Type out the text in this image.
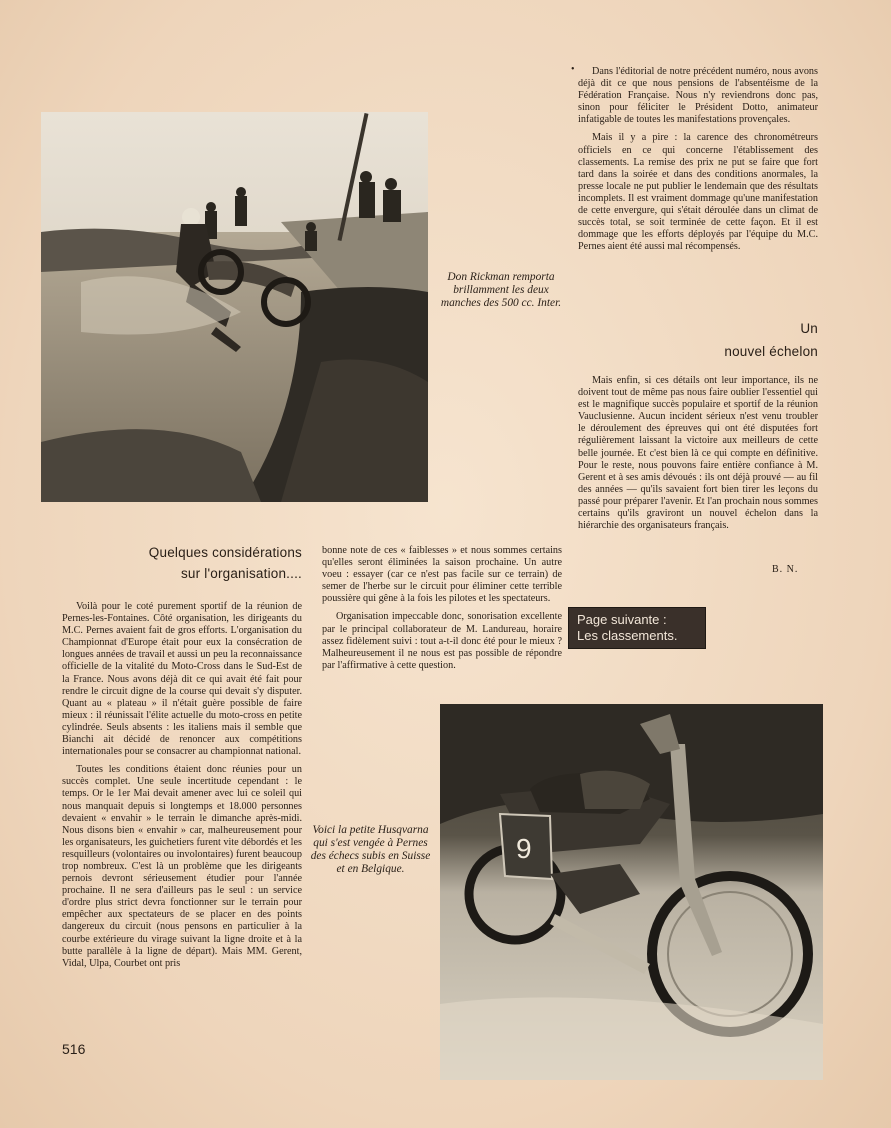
Don Rickman remporta brillamment les deux manches des 500 cc. Inter.
•	Dans l'éditorial de notre précédent numéro, nous avons déjà dit ce que nous pensions de l'absentéisme de la Fédération Française. Nous n'y reviendrons donc pas, sinon pour féliciter le Président Dotto, animateur infatigable de toutes les manifestations provençales.

Mais il y a pire : la carence des chronométreurs officiels en ce qui concerne l'établissement des classements. La remise des prix ne put se faire que fort tard dans la soirée et dans des conditions anormales, la presse locale ne put publier le lendemain que des résultats incomplets. Il est vraiment dommage qu'une manifestation de cette envergure, qui s'était déroulée dans un climat de succès total, se soit terminée de cette façon. Et il est dommage que les efforts déployés par l'équipe du M.C. Pernes aient été aussi mal récompensés.

Un
nouvel échelon

Mais enfin, si ces détails ont leur importance, ils ne doivent tout de même pas nous faire oublier l'essentiel qui est le magnifique succès populaire et sportif de la réunion Vauclusienne. Aucun incident sérieux n'est venu troubler le déroulement des épreuves qui ont été disputées fort régulièrement laissant la victoire aux meilleurs de cette belle journée. Et c'est bien là ce qui compte en définitive. Pour le reste, nous pouvons faire entière confiance à M. Gerent et à ses amis dévoués : ils ont déjà prouvé — au fil des années — qu'ils savaient fort bien tirer les leçons du passé pour préparer l'avenir. Et l'an prochain nous sommes certains qu'ils graviront un nouvel échelon dans la hiérarchie des organisateurs français.

B. N.
Quelques considérations
sur l'organisation....

Voilà pour le coté purement sportif de la réunion de Pernes-les-Fontaines. Côté organisation, les dirigeants du M.C. Pernes avaient fait de gros efforts. L'organisation du Championnat d'Europe était pour eux la consécration de longues années de travail et aussi un peu la reconnaissance officielle de la vitalité du Moto-Cross dans le Sud-Est de la France. Nous avons déjà dit ce qui avait été fait pour rendre le circuit digne de la course qui devait s'y disputer. Quant au « plateau » il n'était guère possible de faire mieux : il réunissait l'élite actuelle du moto-cross en petite cylindrée. Seuls absents : les italiens mais il semble que Bianchi ait décidé de renoncer aux compétitions internationales pour se consacrer au championnat national.

Toutes les conditions étaient donc réunies pour un succès complet. Une seule incertitude cependant : le temps. Or le 1er Mai devait amener avec lui ce soleil qui nous manquait depuis si longtemps et 18.000 personnes devaient « envahir » le terrain le dimanche après-midi. Nous disons bien « envahir » car, malheureusement pour les organisateurs, les guichetiers furent vite débordés et les resquilleurs (volontaires ou involontaires) furent beaucoup trop nombreux. C'est là un problème que les dirigeants pernois devront sérieusement étudier pour l'année prochaine. Il ne sera d'ailleurs pas le seul : un service d'ordre plus strict devra fonctionner sur le terrain pour empêcher aux spectateurs de se placer en des points dangereux du circuit (nous pensons en particulier à la courbe extérieure du virage suivant la ligne droite et à la butte parallèle à la ligne de départ). Mais MM. Gerent, Vidal, Ulpa, Courbet ont pris

bonne note de ces « faiblesses » et nous sommes certains qu'elles seront éliminées la saison prochaine. Un autre voeu : essayer (car ce n'est pas facile sur ce terrain) de semer de l'herbe sur le circuit pour éliminer cette terrible poussière qui gêne à la fois les pilotes et les spectateurs.

Organisation impeccable donc, sonorisation excellente par le principal collaborateur de M. Landureau, horaire assez fidèlement suivi : tout a-t-il donc été pour le mieux ? Malheureusement il ne nous est pas possible de répondre par l'affirmative à cette question.

Page suivante :
Les classements.
9
Voici la petite Husqvarna qui s'est vengée à Pernes des échecs subis en Suisse et en Belgique.
516
